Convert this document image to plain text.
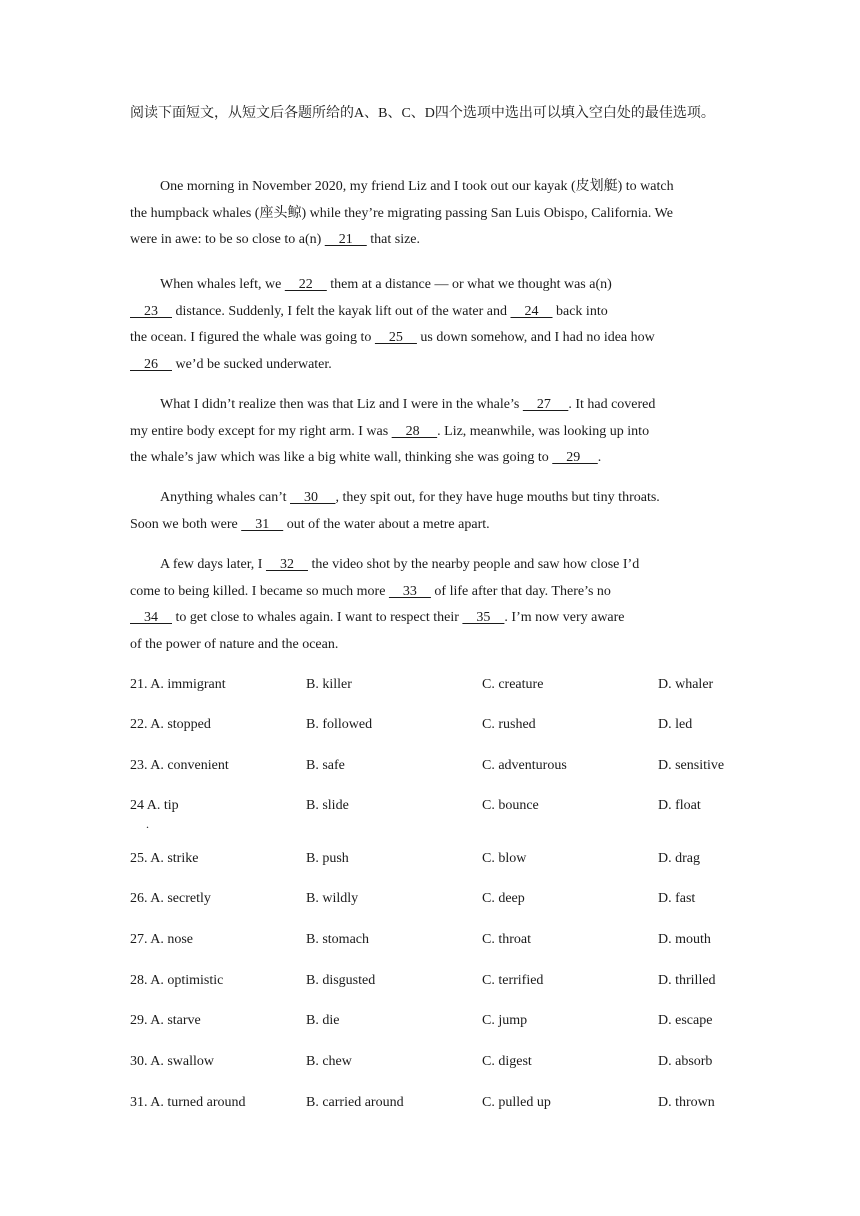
阅读下面短文，从短文后各题所给的A、B、C、D四个选项中选出可以填入空白处的最佳选项。

One morning in November 2020, my friend Liz and I took out our kayak (皮划艇) to watch
the humpback whales (座头鲸) while they’re migrating passing San Luis Obispo, California. We
were in awe: to be so close to a(n)     21     that size.
When whales left, we     22     them at a distance — or what we thought was a(n)
23     distance. Suddenly, I felt the kayak lift out of the water and     24     back into
the ocean. I figured the whale was going to     25     us down somehow, and I had no idea how
26     we’d be sucked underwater.
What I didn’t realize then was that Liz and I were in the whale’s     27     . It had covered
my entire body except for my right arm. I was     28     . Liz, meanwhile, was looking up into
the whale’s jaw which was like a big white wall, thinking she was going to     29     .
Anything whales can’t     30     , they spit out, for they have huge mouths but tiny throats.
Soon we both were     31     out of the water about a metre apart.
A few days later, I     32     the video shot by the nearby people and saw how close I’d
come to being killed. I became so much more     33     of life after that day. There’s no
34     to get close to whales again. I want to respect their     35    . I’m now very aware
of the power of nature and the ocean.
21. A. immigrant	B. killer	C. creature	D. whaler
22. A. stopped	B. followed	C. rushed	D. led
23. A. convenient	B. safe	C. adventurous	D. sensitive
24 A. tip	B. slide	C. bounce	D. float
.
25. A. strike	B. push	C. blow	D. drag
26. A. secretly	B. wildly	C. deep	D. fast
27. A. nose	B. stomach	C. throat	D. mouth
28. A. optimistic	B. disgusted	C. terrified	D. thrilled
29. A. starve	B. die	C. jump	D. escape
30. A. swallow	B. chew	C. digest	D. absorb
31. A. turned around	B. carried around	C. pulled up	D. thrown
